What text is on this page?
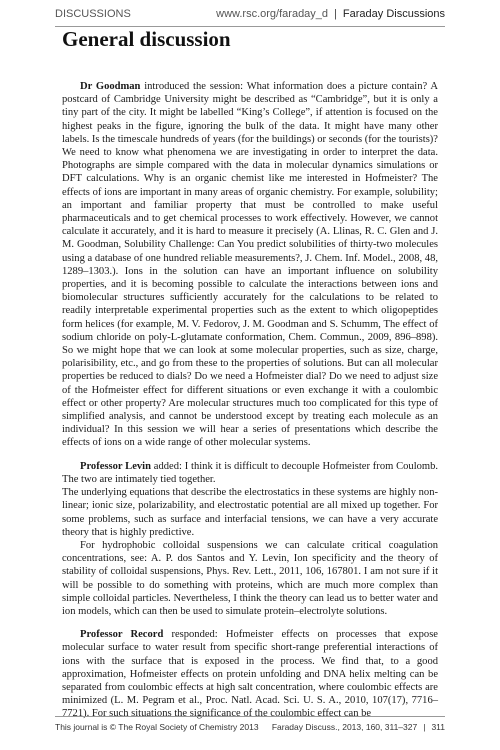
DISCUSSIONS	www.rsc.org/faraday_d | Faraday Discussions
General discussion

Dr Goodman introduced the session: What information does a picture contain? A postcard of Cambridge University might be described as “Cambridge”, but it is only a tiny part of the city. It might be labelled “King’s College”, if attention is focused on the highest peaks in the figure, ignoring the bulk of the data. It might have many other labels. Is the timescale hundreds of years (for the buildings) or seconds (for the tourists)? We need to know what phenomena we are investigating in order to interpret the data. Photographs are simple compared with the data in molecular dynamics simulations or DFT calculations. Why is an organic chemist like me interested in Hofmeister? The effects of ions are important in many areas of organic chemistry. For example, solubility; an important and familiar property that must be controlled to make useful pharmaceuticals and to get chemical processes to work effectively. However, we cannot calculate it accurately, and it is hard to measure it precisely (A. Llinas, R. C. Glen and J. M. Goodman, Solubility Challenge: Can You predict solubilities of thirty-two molecules using a database of one hundred reliable measurements?, J. Chem. Inf. Model., 2008, 48, 1289–1303.). Ions in the solution can have an important influence on solubility properties, and it is becoming possible to calculate the interactions between ions and biomolecular structures sufficiently accurately for the calculations to be related to readily interpretable experimental properties such as the extent to which oligopeptides form helices (for example, M. V. Fedorov, J. M. Goodman and S. Schumm, The effect of sodium chloride on poly-L-glutamate conformation, Chem. Commun., 2009, 896–898). So we might hope that we can look at some molecular properties, such as size, charge, polarisibility, etc., and go from these to the properties of solutions. But can all molecular properties be reduced to dials? Do we need a Hofmeister dial? Do we need to adjust size of the Hofmeister effect for different situations or even exchange it with a coulombic effect or other property? Are molecular structures much too complicated for this type of simplified analysis, and cannot be understood except by treating each molecule as an individual? In this session we will hear a series of presentations which describe the effects of ions on a wide range of other molecular systems.

Professor Levin added: I think it is difficult to decouple Hofmeister from Coulomb. The two are intimately tied together.

The underlying equations that describe the electrostatics in these systems are highly non-linear; ionic size, polarizability, and electrostatic potential are all mixed up together. For some problems, such as surface and interfacial tensions, we can have a very accurate theory that is highly predictive.

For hydrophobic colloidal suspensions we can calculate critical coagulation concentrations, see: A. P. dos Santos and Y. Levin, Ion specificity and the theory of stability of colloidal suspensions, Phys. Rev. Lett., 2011, 106, 167801. I am not sure if it will be possible to do something with proteins, which are much more complex than simple colloidal particles. Nevertheless, I think the theory can lead us to better water and ion models, which can then be used to simulate protein–electrolyte solutions.

Professor Record responded: Hofmeister effects on processes that expose molecular surface to water result from specific short-range preferential interactions of ions with the surface that is exposed in the process. We find that, to a good approximation, Hofmeister effects on protein unfolding and DNA helix melting can be separated from coulombic effects at high salt concentration, where coulombic effects are minimized (L. M. Pegram et al., Proc. Natl. Acad. Sci. U. S. A., 2010, 107(17), 7716–7721). For such situations the significance of the coulombic effect can be

This journal is © The Royal Society of Chemistry 2013 Faraday Discuss., 2013, 160, 311–327 | 311
